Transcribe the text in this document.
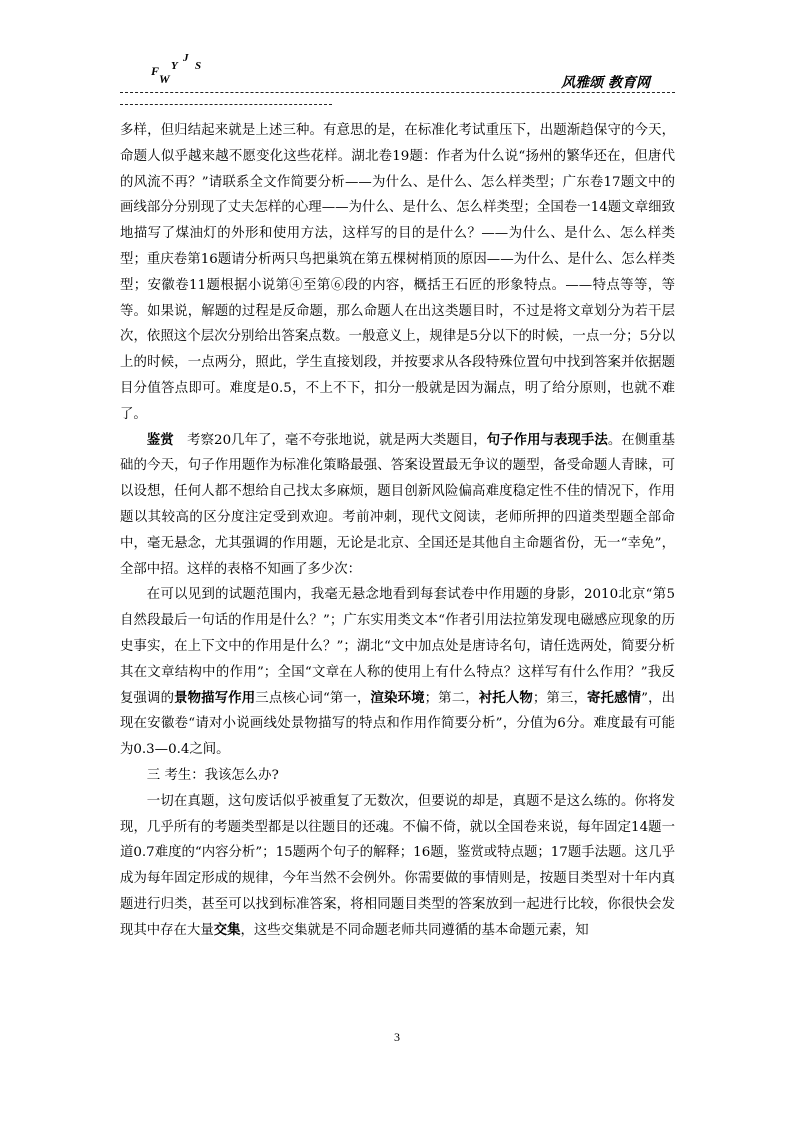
F Y
J
S
W	风雅颂 教育网

多样，但归结起来就是上述三种。有意思的是，在标准化考试重压下，出题渐趋保守的今天，命题人似乎越来越不愿变化这些花样。湖北卷19题：作者为什么说“扬州的繁华还在，但唐代的风流不再？”请联系全文作简要分析——为什么、是什么、怎么样类型；广东卷17题文中的画线部分分别现了丈夫怎样的心理——为什么、是什么、怎么样类型；全国卷一14题文章细致地描写了煤油灯的外形和使用方法，这样写的目的是什么？——为什么、是什么、怎么样类型；重庆卷第16题请分析两只鸟把巢筑在第五棵树梢顶的原因——为什么、是什么、怎么样类型；安徽卷11题根据小说第④至第⑥段的内容，概括王石匠的形象特点。——特点等等，等等。如果说，解题的过程是反命题，那么命题人在出这类题目时，不过是将文章划分为若干层次，依照这个层次分别给出答案点数。一般意义上，规律是5分以下的时候，一点一分；5分以上的时候，一点两分，照此，学生直接划段，并按要求从各段特殊位置句中找到答案并依据题目分值答点即可。难度是0.5，不上不下，扣分一般就是因为漏点，明了给分原则，也就不难了。

鉴赏　考察20几年了，毫不夸张地说，就是两大类题目，句子作用与表现手法。在侧重基础的今天，句子作用题作为标准化策略最强、答案设置最无争议的题型，备受命题人青睐，可以设想，任何人都不想给自己找太多麻烦，题目创新风险偏高难度稳定性不佳的情况下，作用题以其较高的区分度注定受到欢迎。考前冲刺，现代文阅读，老师所押的四道类型题全部命中，毫无悬念，尤其强调的作用题，无论是北京、全国还是其他自主命题省份，无一“幸免”，全部中招。这样的表格不知画了多少次：

在可以见到的试题范围内，我毫无悬念地看到每套试卷中作用题的身影，2010北京“第5自然段最后一句话的作用是什么？”；广东实用类文本“作者引用法拉第发现电磁感应现象的历史事实，在上下文中的作用是什么？”；湖北“文中加点处是唐诗名句，请任选两处，简要分析其在文章结构中的作用”；全国“文章在人称的使用上有什么特点？这样写有什么作用？”我反复强调的景物描写作用三点核心词“第一，渲染环境；第二，衬托人物；第三，寄托感情”，出现在安徽卷“请对小说画线处景物描写的特点和作用作简要分析”，分值为6分。难度最有可能为0.3—0.4之间。

三 考生：我该怎么办?

一切在真题，这句废话似乎被重复了无数次，但要说的却是，真题不是这么练的。你将发现，几乎所有的考题类型都是以往题目的还魂。不偏不倚，就以全国卷来说，每年固定14题一道0.7难度的“内容分析”；15题两个句子的解释；16题，鉴赏或特点题；17题手法题。这几乎成为每年固定形成的规律，今年当然不会例外。你需要做的事情则是，按题目类型对十年内真题进行归类，甚至可以找到标准答案，将相同题目类型的答案放到一起进行比较，你很快会发现其中存在大量交集，这些交集就是不同命题老师共同遵循的基本命题元素，知

3
